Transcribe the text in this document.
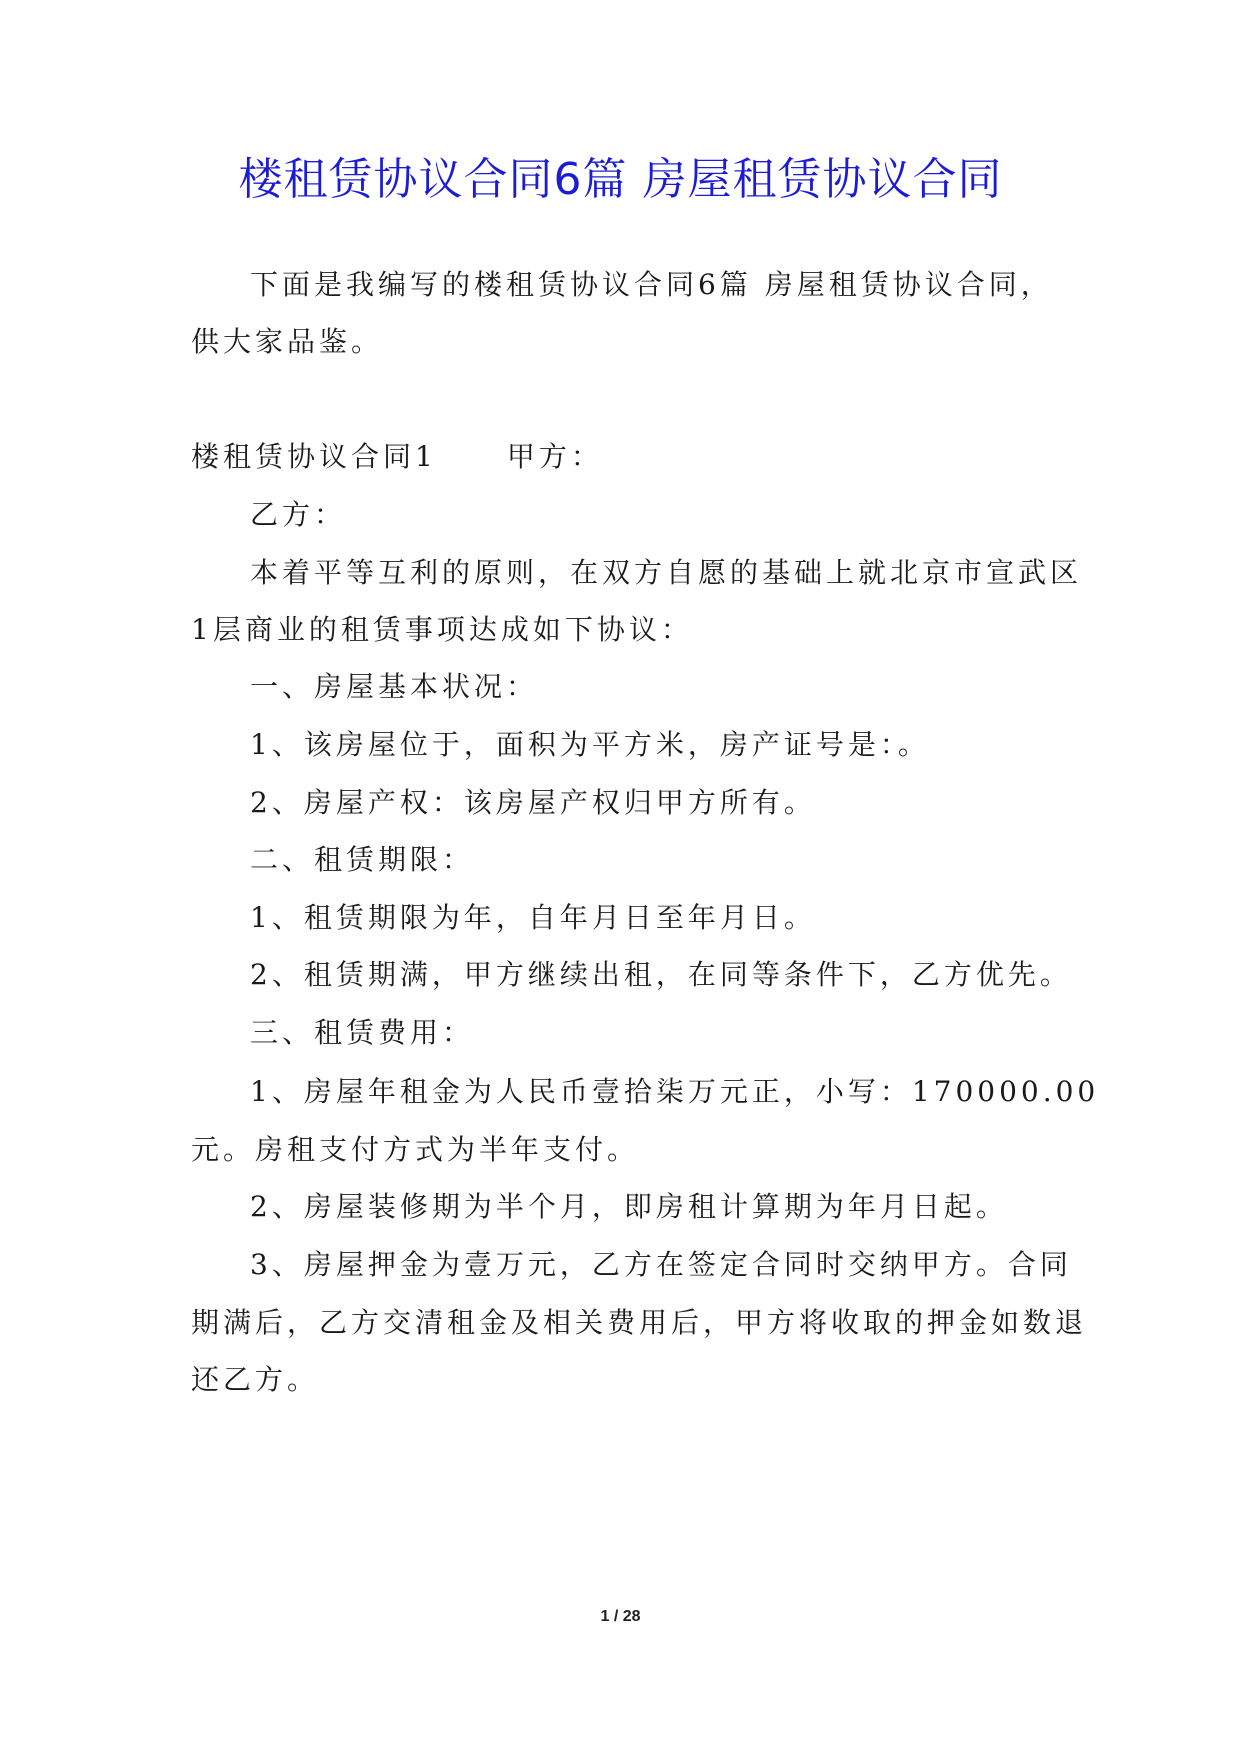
楼租赁协议合同6篇 房屋租赁协议合同

下面是我编写的楼租赁协议合同6篇 房屋租赁协议合同，

供大家品鉴。

楼租赁协议合同1	甲方：

乙方：

本着平等互利的原则，在双方自愿的基础上就北京市宣武区

1层商业的租赁事项达成如下协议：

一、房屋基本状况：

1、该房屋位于，面积为平方米，房产证号是：。

2、房屋产权：该房屋产权归甲方所有。

二、租赁期限：

1、租赁期限为年，自年月日至年月日。

2、租赁期满，甲方继续出租，在同等条件下，乙方优先。

三、租赁费用：

1、房屋年租金为人民币壹拾柒万元正，小写：170000.00

元。房租支付方式为半年支付。

2、房屋装修期为半个月，即房租计算期为年月日起。

3、房屋押金为壹万元，乙方在签定合同时交纳甲方。合同

期满后，乙方交清租金及相关费用后，甲方将收取的押金如数退

还乙方。

1 / 28
